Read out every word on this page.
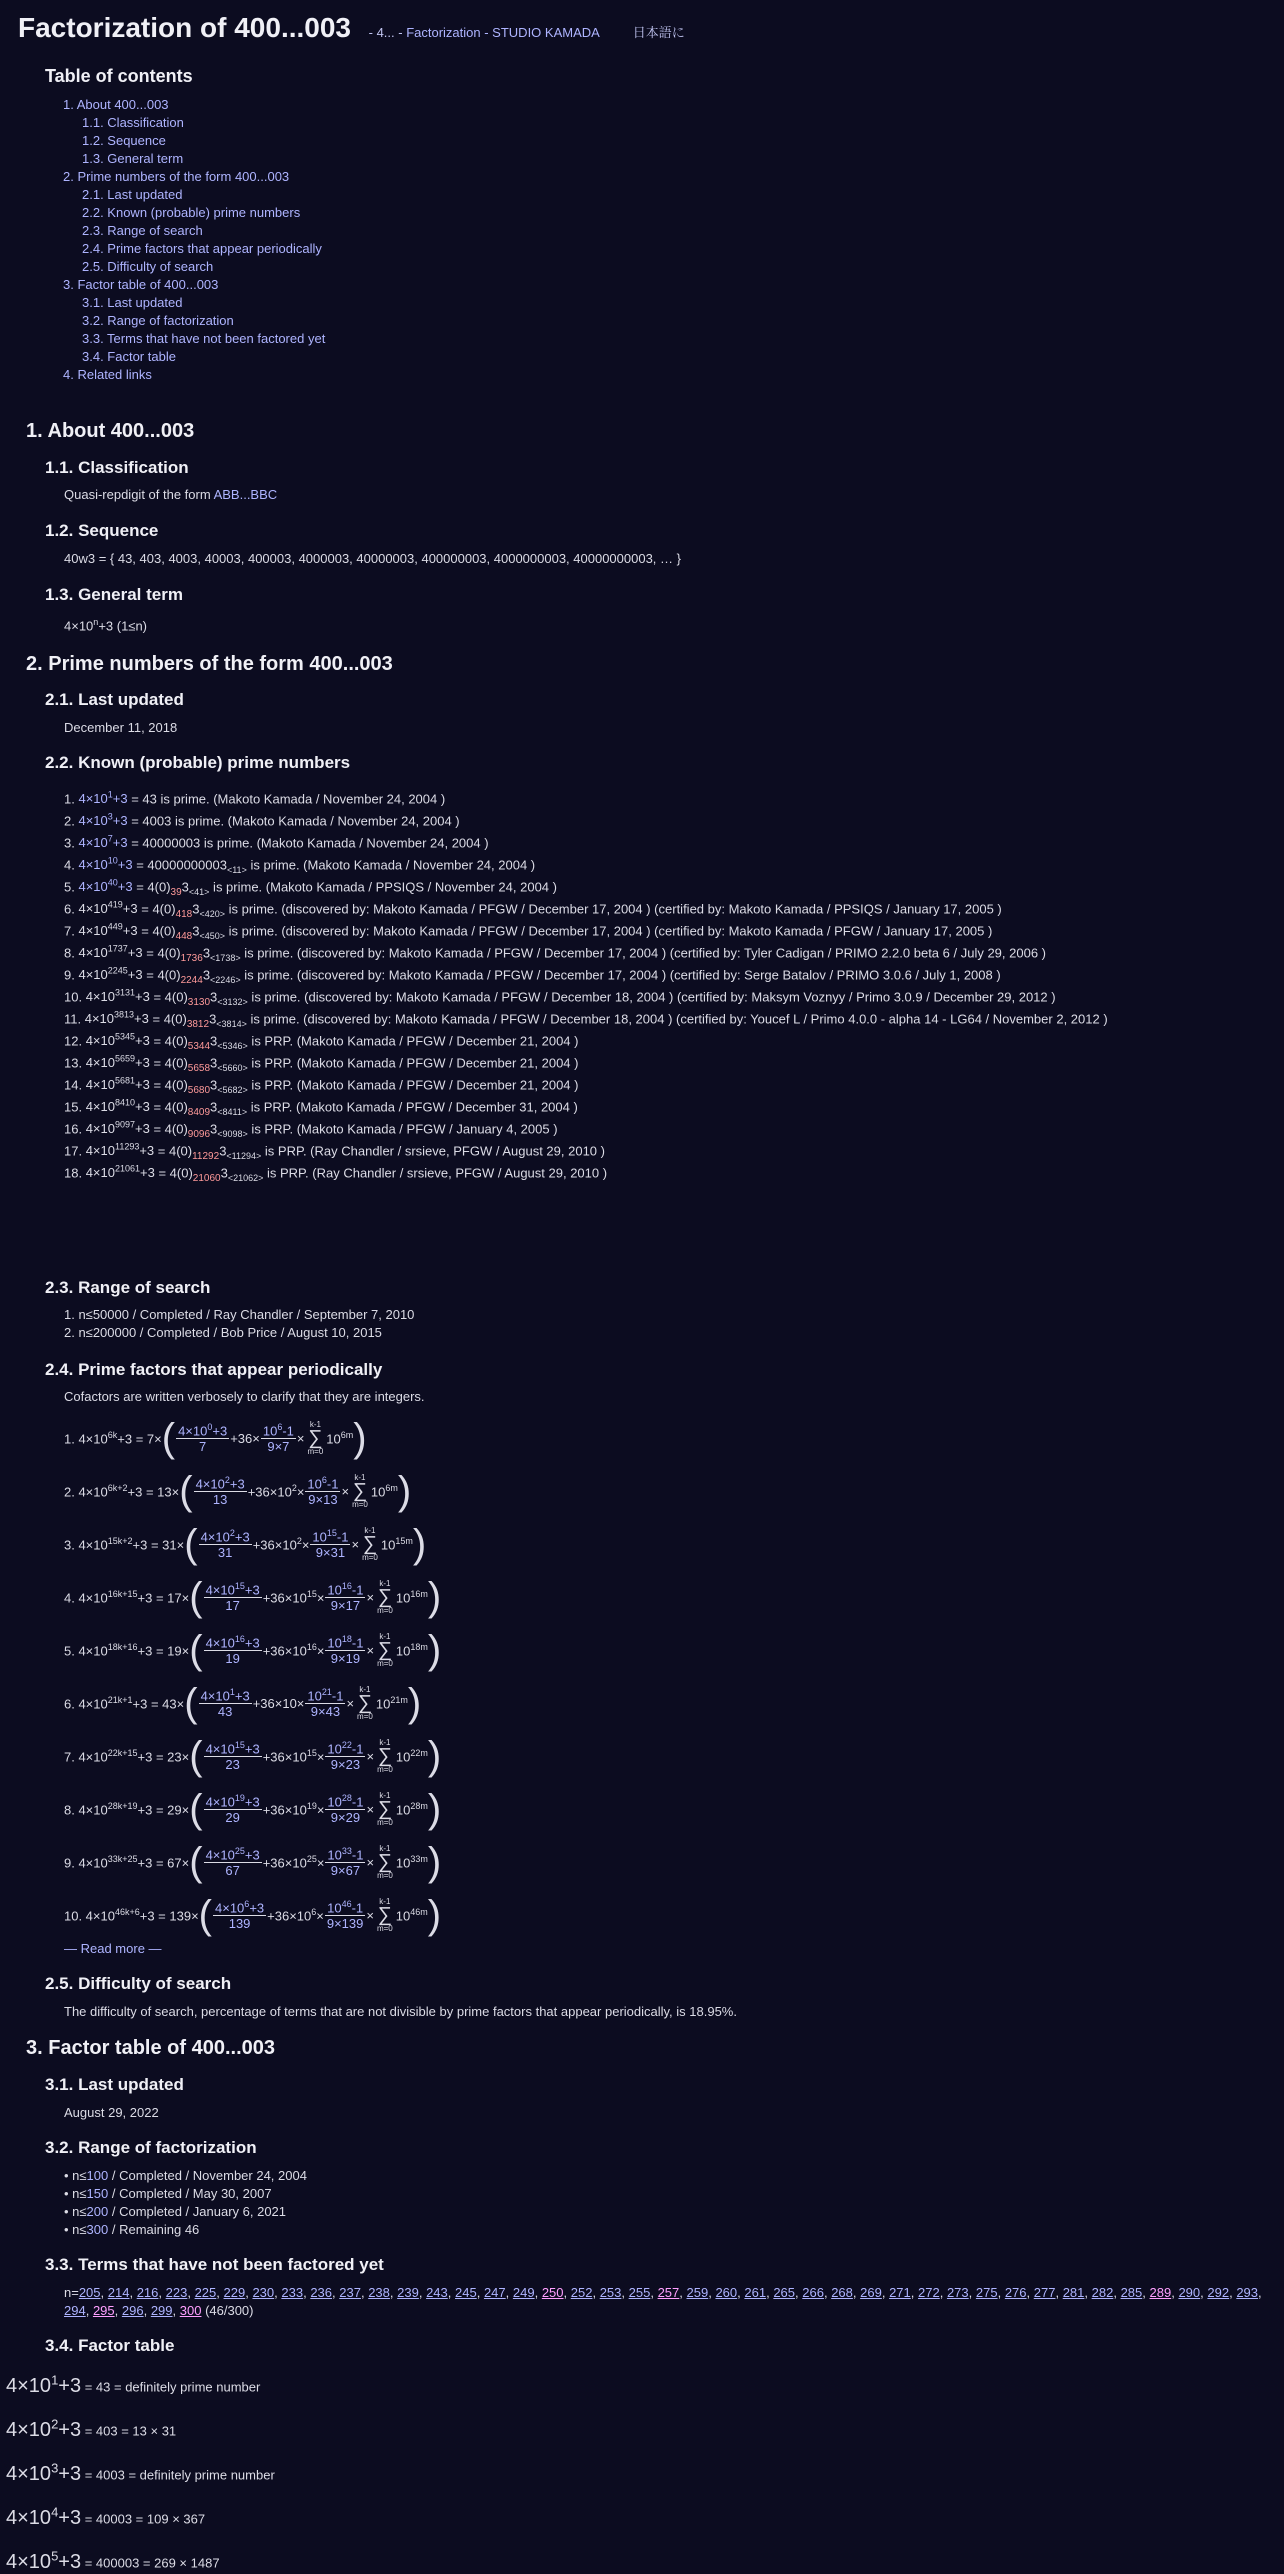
Factorization of 400...003 - 4... - Factorization - STUDIO KAMADA	日本語に
Table of contents
1. About 400...003
1.1. Classification
1.2. Sequence
1.3. General term
2. Prime numbers of the form 400...003
2.1. Last updated
2.2. Known (probable) prime numbers
2.3. Range of search
2.4. Prime factors that appear periodically
2.5. Difficulty of search
3. Factor table of 400...003
3.1. Last updated
3.2. Range of factorization
3.3. Terms that have not been factored yet
3.4. Factor table
4. Related links
1. About 400...003
1.1. Classification
Quasi-repdigit of the form ABB...BBC
1.2. Sequence
40w3 = { 43, 403, 4003, 40003, 400003, 4000003, 40000003, 400000003, 4000000003, 40000000003, … }
1.3. General term
$4\times 10^n+3$ (1≤n)
2. Prime numbers of the form 400...003
2.1. Last updated
December 11, 2018
2.2. Known (probable) prime numbers
1. $4\times 10^1+3 = 43$ is prime. (Makoto Kamada / November 24, 2004 )
2. $4\times 10^3+3 = 4003$ is prime. (Makoto Kamada / November 24, 2004 )
3. $4\times 10^7+3 = 40000003$ is prime. (Makoto Kamada / November 24, 2004 )
4. $4\times 10^{10}+3 = 40000000003_{<11>}$ is prime. (Makoto Kamada / November 24, 2004 )
5. $4\times 10^{40}+3 = 4(0)_{39}3_{<41>}$ is prime. (Makoto Kamada / PPSIQS / November 24, 2004 )
6. $4\times 10^{419}+3 = 4(0)_{418}3_{<420>}$ is prime. (discovered by: Makoto Kamada / PFGW / December 17, 2004 ) (certified by: Makoto Kamada / PPSIQS / January 17, 2005 )
7. $4\times 10^{449}+3 = 4(0)_{448}3_{<450>}$ is prime. (discovered by: Makoto Kamada / PFGW / December 17, 2004 ) (certified by: Makoto Kamada / PFGW / January 17, 2005 )
8. $4\times 10^{1737}+3 = 4(0)_{1736}3_{<1738>}$ is prime. (discovered by: Makoto Kamada / PFGW / December 17, 2004 ) (certified by: Tyler Cadigan / PRIMO 2.2.0 beta 6 / July 29, 2006 )
9. $4\times 10^{2245}+3 = 4(0)_{2244}3_{<2246>}$ is prime. (discovered by: Makoto Kamada / PFGW / December 17, 2004 ) (certified by: Serge Batalov / PRIMO 3.0.6 / July 1, 2008 )
10. $4\times 10^{3131}+3 = 4(0)_{3130}3_{<3132>}$ is prime. (discovered by: Makoto Kamada / PFGW / December 18, 2004 ) (certified by: Maksym Voznyy / Primo 3.0.9 / December 29, 2012 )
11. $4\times 10^{3813}+3 = 4(0)_{3812}3_{<3814>}$ is prime. (discovered by: Makoto Kamada / PFGW / December 18, 2004 ) (certified by: Youcef L / Primo 4.0.0 - alpha 14 - LG64 / November 2, 2012 )
12. $4\times 10^{5345}+3 = 4(0)_{5344}3_{<5346>}$ is PRP. (Makoto Kamada / PFGW / December 21, 2004 )
13. $4\times 10^{5659}+3 = 4(0)_{5658}3_{<5660>}$ is PRP. (Makoto Kamada / PFGW / December 21, 2004 )
14. $4\times 10^{5681}+3 = 4(0)_{5680}3_{<5682>}$ is PRP. (Makoto Kamada / PFGW / December 21, 2004 )
15. $4\times 10^{8410}+3 = 4(0)_{8409}3_{<8411>}$ is PRP. (Makoto Kamada / PFGW / December 31, 2004 )
16. $4\times 10^{9097}+3 = 4(0)_{9096}3_{<9098>}$ is PRP. (Makoto Kamada / PFGW / January 4, 2005 )
17. $4\times 10^{11293}+3 = 4(0)_{11292}3_{<11294>}$ is PRP. (Ray Chandler / srsieve, PFGW / August 29, 2010 )
18. $4\times 10^{21061}+3 = 4(0)_{21060}3_{<21062>}$ is PRP. (Ray Chandler / srsieve, PFGW / August 29, 2010 )
2.3. Range of search
1. n≤50000 / Completed / Ray Chandler / September 7, 2010
2. n≤200000 / Completed / Bob Price / August 10, 2015
2.4. Prime factors that appear periodically
Cofactors are written verbosely to clarify that they are integers.
1. $4\times 10^{6k}+3 = 7\times$ ( $\frac{4\times 10^0+3}{7} +36\times \frac{10^6-1}{9\times 7}$ ×
k-1
∑
m=0
$10^{6m}$ )
2. $4\times 10^{6k+2}+3 = 13\times$ ( $\frac{4\times 10^2+3}{13} +36\times 10^2\times \frac{10^6-1}{9\times 13}$ ×
k-1
∑
m=0
$10^{6m}$ )
3. $4\times 10^{15k+2}+3 = 31\times$ ( $\frac{4\times 10^2+3}{31} +36\times 10^2\times \frac{10^{15}-1}{9\times 31}$ ×
k-1
∑
m=0
$10^{15m}$ )
4. $4\times 10^{16k+15}+3 = 17\times$ ( $\frac{4\times 10^{15}+3}{17} +36\times 10^{15}\times \frac{10^{16}-1}{9\times 17}$ ×
k-1
∑
m=0
$10^{16m}$ )
5. $4\times 10^{18k+16}+3 = 19\times$ ( $\frac{4\times 10^{16}+3}{19} +36\times 10^{16}\times \frac{10^{18}-1}{9\times 19}$ ×
k-1
∑
m=0
$10^{18m}$ )
6. $4\times 10^{21k+1}+3 = 43\times$ ( $\frac{4\times 10^1+3}{43} +36\times 10\times \frac{10^{21}-1}{9\times 43}$ ×
k-1
∑
m=0
$10^{21m}$ )
7. $4\times 10^{22k+15}+3 = 23\times$ ( $\frac{4\times 10^{15}+3}{23} +36\times 10^{15}\times \frac{10^{22}-1}{9\times 23}$ ×
k-1
∑
m=0
$10^{22m}$ )
8. $4\times 10^{28k+19}+3 = 29\times$ ( $\frac{4\times 10^{19}+3}{29} +36\times 10^{19}\times \frac{10^{28}-1}{9\times 29}$ ×
k-1
∑
m=0
$10^{28m}$ )
9. $4\times 10^{33k+25}+3 = 67\times$ ( $\frac{4\times 10^{25}+3}{67} +36\times 10^{25}\times \frac{10^{33}-1}{9\times 67}$ ×
k-1
∑
m=0
$10^{33m}$ )
10. $4\times 10^{46k+6}+3 = 139\times$ ( $\frac{4\times 10^6+3}{139} +36\times 10^6\times \frac{10^{46}-1}{9\times 139}$ ×
k-1
∑
m=0
$10^{46m}$ )
— Read more —
2.5. Difficulty of search
The difficulty of search, percentage of terms that are not divisible by prime factors that appear periodically, is 18.95%.
3. Factor table of 400...003
3.1. Last updated
August 29, 2022
3.2. Range of factorization
• n≤100 / Completed / November 24, 2004
• n≤150 / Completed / May 30, 2007
• n≤200 / Completed / January 6, 2021
• n≤300 / Remaining 46
3.3. Terms that have not been factored yet
n=205, 214, 216, 223, 225, 229, 230, 233, 236, 237, 238, 239, 243, 245, 247, 249, 250, 252, 253, 255, 257, 259, 260, 261, 265, 266, 268, 269, 271, 272, 273, 275, 276, 277, 281, 282, 285, 289, 290, 292, 293, 294, 295, 296, 299, 300 (46/300)
3.4. Factor table
$4\times 10^1+3 = 43$ = definitely prime number
$4\times 10^2+3 = 403 = 13 \times 31$
$4\times 10^3+3 = 4003$ = definitely prime number
$4\times 10^4+3 = 40003 = 109 \times 367$
$4\times 10^5+3 = 400003 = 269 \times 1487$
